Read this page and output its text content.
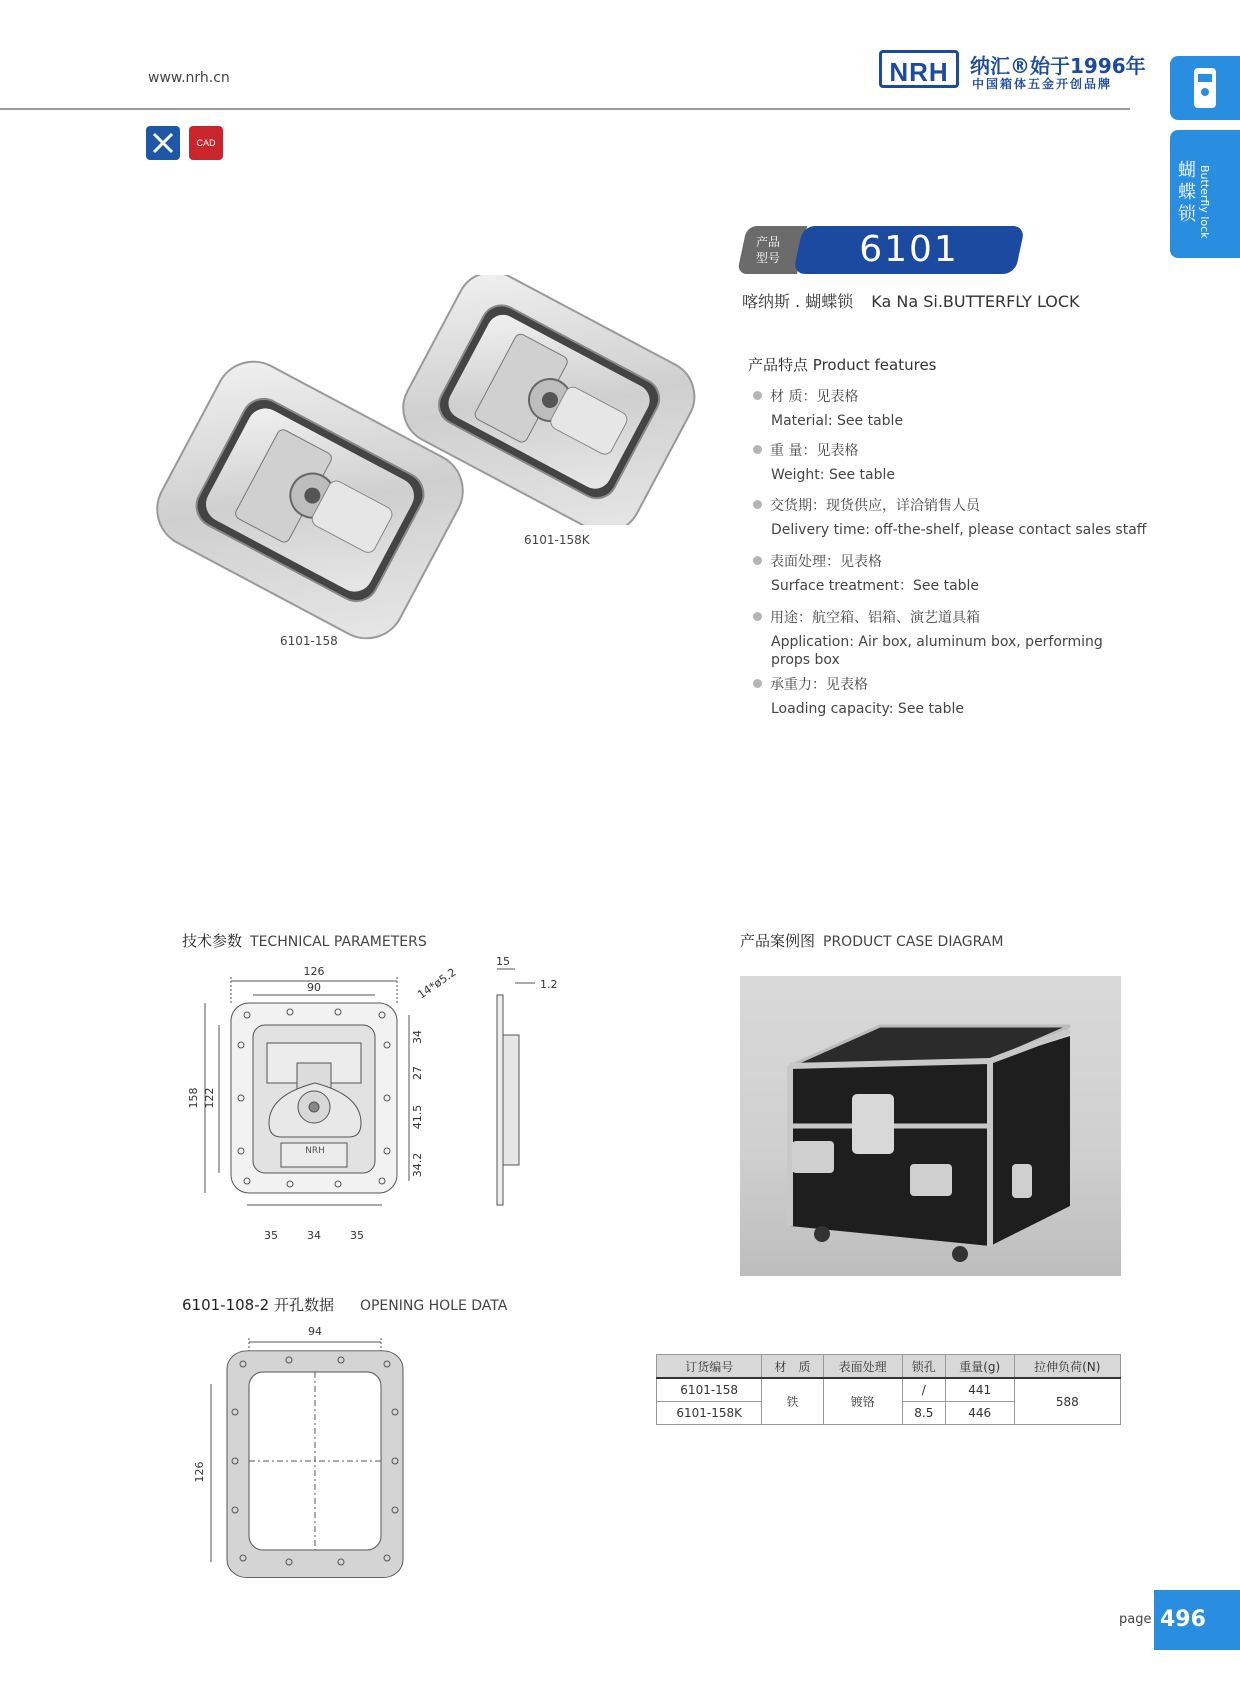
www.nrh.cn	NRH	纳汇®始于1996年
中国箱体五金开创品牌
蝴蝶锁 Butterfly lock
CAD
产品型号	6101
喀纳斯 . 蝴蝶锁 Ka Na Si.BUTTERFLY LOCK
6101-158
6101-158K
产品特点 Product features
材 质：见表格
Material: See table
重 量：见表格
Weight: See table
交货期：现货供应，详洽销售人员
Delivery time: off-the-shelf, please contact sales staff
表面处理：见表格
Surface treatment：See table
用途：航空箱、铝箱、演艺道具箱
Application: Air box, aluminum box, performing props box
承重力：见表格
Loading capacity: See table
技术参数 TECHNICAL PARAMETERS
126
90	14*ø5.2
158 122
34
27
41.5
34.2
35	34	35
NRH
15
1.2
6101-108-2 开孔数据 OPENING HOLE DATA
94
126
产品案例图 PRODUCT CASE DIAGRAM
订货编号	材　质	表面处理	锁孔	重量(g)	拉伸负荷(N)
6101-158	铁	镀铬	/	441	588
6101-158K			8.5	446	
page 496
